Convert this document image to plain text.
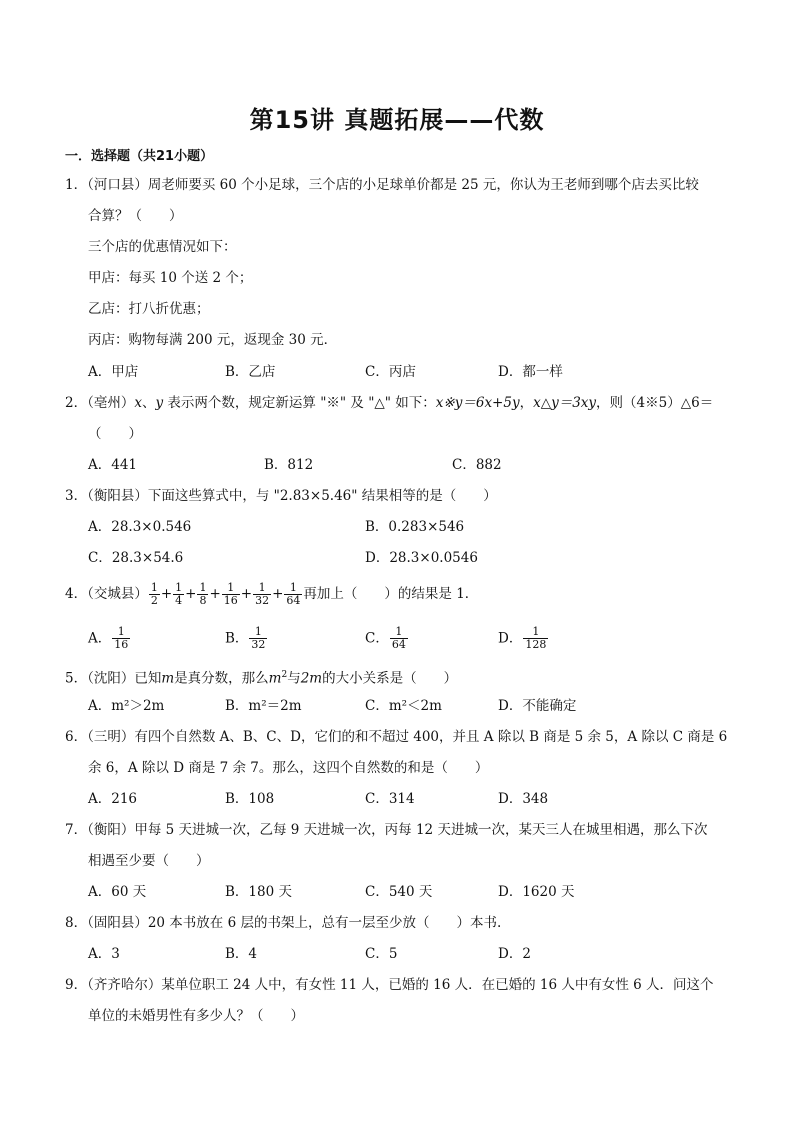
第15讲 真题拓展——代数
一．选择题（共21小题）
1．（河口县）周老师要买 60 个小足球，三个店的小足球单价都是 25 元，你认为王老师到哪个店去买比较
合算？（　　）
三个店的优惠情况如下：
甲店：每买 10 个送 2 个；
乙店：打八折优惠；
丙店：购物每满 200 元，返现金 30 元．
A．甲店	B．乙店	C．丙店	D．都一样
2．（亳州）x、y 表示两个数，规定新运算 "※" 及 "△" 如下：x※y＝6x+5y，x△y＝3xy，则（4※5）△6＝
（　　）
A．441	B．812	C．882
3．（衡阳县）下面这些算式中，与 "2.83×5.46" 结果相等的是（　　）
A．28.3×0.546	B．0.283×546
C．28.3×54.6	D．28.3×0.0546
4．（交城县） $\frac{1}{2} + \frac{1}{4} + \frac{1}{8} + \frac{1}{16} + \frac{1}{32} + \frac{1}{64}$ 再加上（　　）的结果是 1．
A． $\frac{1}{16}$	B． $\frac{1}{32}$	C． $\frac{1}{64}$	D． $\frac{1}{128}$
5．（沈阳）已知m是真分数，那么$m^2$与2m的大小关系是（　　）
A．m²＞2m	B．m²＝2m	C．m²＜2m	D．不能确定
6．（三明）有四个自然数 A、B、C、D，它们的和不超过 400，并且 A 除以 B 商是 5 余 5，A 除以 C 商是 6
余 6，A 除以 D 商是 7 余 7。那么，这四个自然数的和是（　　）
A．216	B．108	C．314	D．348
7．（衡阳）甲每 5 天进城一次，乙每 9 天进城一次，丙每 12 天进城一次，某天三人在城里相遇，那么下次
相遇至少要（　　）
A．60 天	B．180 天	C．540 天	D．1620 天
8．（固阳县）20 本书放在 6 层的书架上，总有一层至少放（　　）本书.
A．3	B．4	C．5	D．2
9．（齐齐哈尔）某单位职工 24 人中，有女性 11 人，已婚的 16 人．在已婚的 16 人中有女性 6 人．问这个
单位的未婚男性有多少人？（　　）
